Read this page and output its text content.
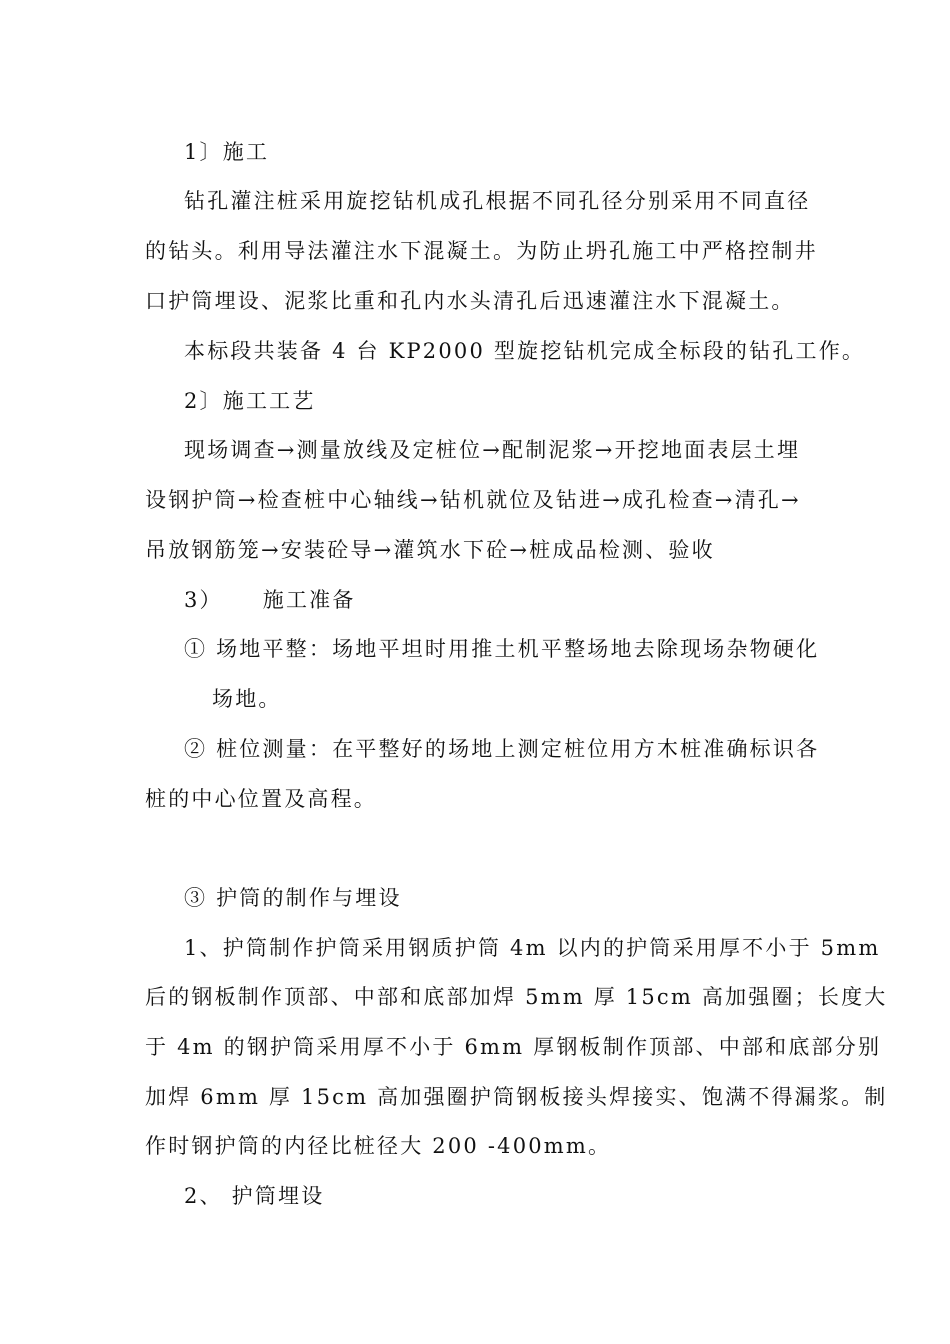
1〕施工
钻孔灌注桩采用旋挖钻机成孔根据不同孔径分别采用不同直径
的钻头。利用导法灌注水下混凝土。为防止坍孔施工中严格控制井
口护筒埋设、泥浆比重和孔内水头清孔后迅速灌注水下混凝土。
本标段共装备 4 台 KP2000 型旋挖钻机完成全标段的钻孔工作。
2〕施工工艺
现场调查→测量放线及定桩位→配制泥浆→开挖地面表层土埋
设钢护筒→检查桩中心轴线→钻机就位及钻进→成孔检查→清孔→
吊放钢筋笼→安装砼导→灌筑水下砼→桩成品检测、验收
3） 施工准备
① 场地平整：场地平坦时用推土机平整场地去除现场杂物硬化
场地。
② 桩位测量：在平整好的场地上测定桩位用方木桩准确标识各
桩的中心位置及高程。
③ 护筒的制作与埋设
1、护筒制作护筒采用钢质护筒 4m 以内的护筒采用厚不小于 5mm
后的钢板制作顶部、中部和底部加焊 5mm 厚 15cm 高加强圈；长度大
于 4m 的钢护筒采用厚不小于 6mm 厚钢板制作顶部、中部和底部分别
加焊 6mm 厚 15cm 高加强圈护筒钢板接头焊接实、饱满不得漏浆。制
作时钢护筒的内径比桩径大 200 -400mm。
2、 护筒埋设
